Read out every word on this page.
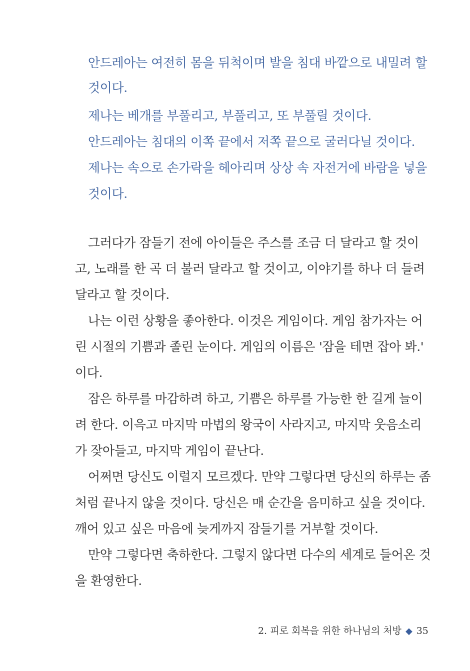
안드레아는 여전히 몸을 뒤척이며 발을 침대 바깥으로 내밀려 할
것이다.
제나는 베개를 부풀리고, 부풀리고, 또 부풀릴 것이다.
안드레아는 침대의 이쪽 끝에서 저쪽 끝으로 굴러다닐 것이다.
제나는 속으로 손가락을 헤아리며 상상 속 자전거에 바람을 넣을
것이다.
그러다가 잠들기 전에 아이들은 주스를 조금 더 달라고 할 것이
고, 노래를 한 곡 더 불러 달라고 할 것이고, 이야기를 하나 더 들려
달라고 할 것이다.
나는 이런 상황을 좋아한다. 이것은 게임이다. 게임 참가자는 어
린 시절의 기쁨과 졸린 눈이다. 게임의 이름은 '잠을 테면 잡아 봐.'
이다.
잠은 하루를 마감하려 하고, 기쁨은 하루를 가능한 한 길게 늘이
려 한다. 이윽고 마지막 마법의 왕국이 사라지고, 마지막 웃음소리
가 잦아들고, 마지막 게임이 끝난다.
어쩌면 당신도 이럴지 모르겠다. 만약 그렇다면 당신의 하루는 좀
처럼 끝나지 않을 것이다. 당신은 매 순간을 음미하고 싶을 것이다.
깨어 있고 싶은 마음에 늦게까지 잠들기를 거부할 것이다.
만약 그렇다면 축하한다. 그렇지 않다면 다수의 세계로 들어온 것
을 환영한다.
2. 피로 회복을 위한 하나님의 처방 ◆ 35
